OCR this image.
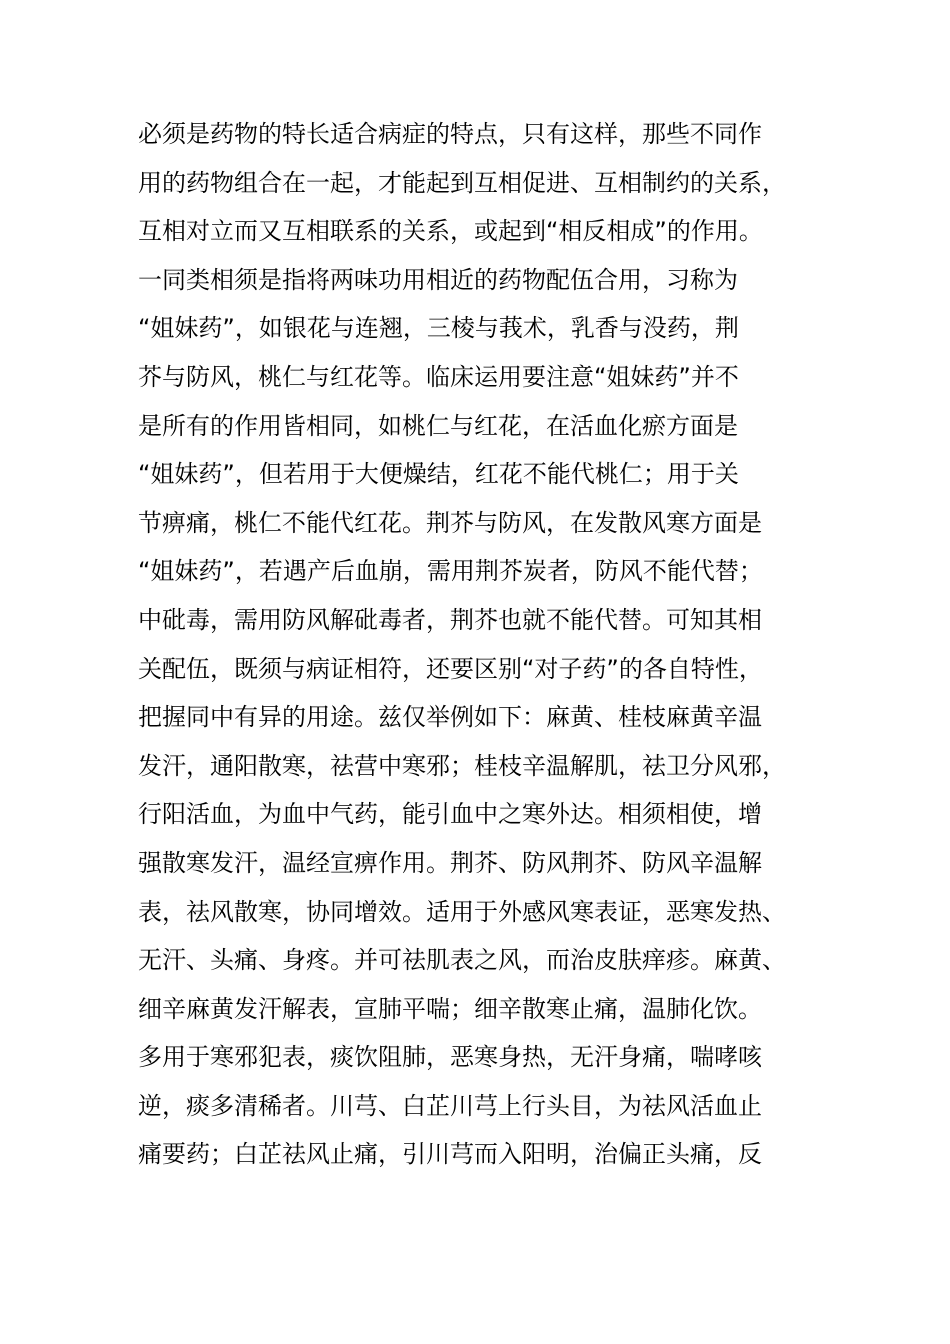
必须是药物的特长适合病症的特点，只有这样，那些不同作
用的药物组合在一起，才能起到互相促进、互相制约的关系，
互相对立而又互相联系的关系，或起到“相反相成”的作用。
一同类相须是指将两味功用相近的药物配伍合用，习称为
“姐妹药”，如银花与连翘，三棱与莪术，乳香与没药，荆
芥与防风，桃仁与红花等。临床运用要注意“姐妹药”并不
是所有的作用皆相同，如桃仁与红花，在活血化瘀方面是
“姐妹药”，但若用于大便燥结，红花不能代桃仁；用于关
节痹痛，桃仁不能代红花。荆芥与防风，在发散风寒方面是
“姐妹药”，若遇产后血崩，需用荆芥炭者，防风不能代替；
中砒毒，需用防风解砒毒者，荆芥也就不能代替。可知其相
关配伍，既须与病证相符，还要区别“对子药”的各自特性，
把握同中有异的用途。兹仅举例如下：麻黄、桂枝麻黄辛温
发汗，通阳散寒，祛营中寒邪；桂枝辛温解肌，祛卫分风邪，
行阳活血，为血中气药，能引血中之寒外达。相须相使，增
强散寒发汗，温经宣痹作用。荆芥、防风荆芥、防风辛温解
表，祛风散寒，协同增效。适用于外感风寒表证，恶寒发热、
无汗、头痛、身疼。并可祛肌表之风，而治皮肤痒疹。麻黄、
细辛麻黄发汗解表，宣肺平喘；细辛散寒止痛，温肺化饮。
多用于寒邪犯表，痰饮阻肺，恶寒身热，无汗身痛，喘哮咳
逆，痰多清稀者。川芎、白芷川芎上行头目，为祛风活血止
痛要药；白芷祛风止痛，引川芎而入阳明，治偏正头痛，反
